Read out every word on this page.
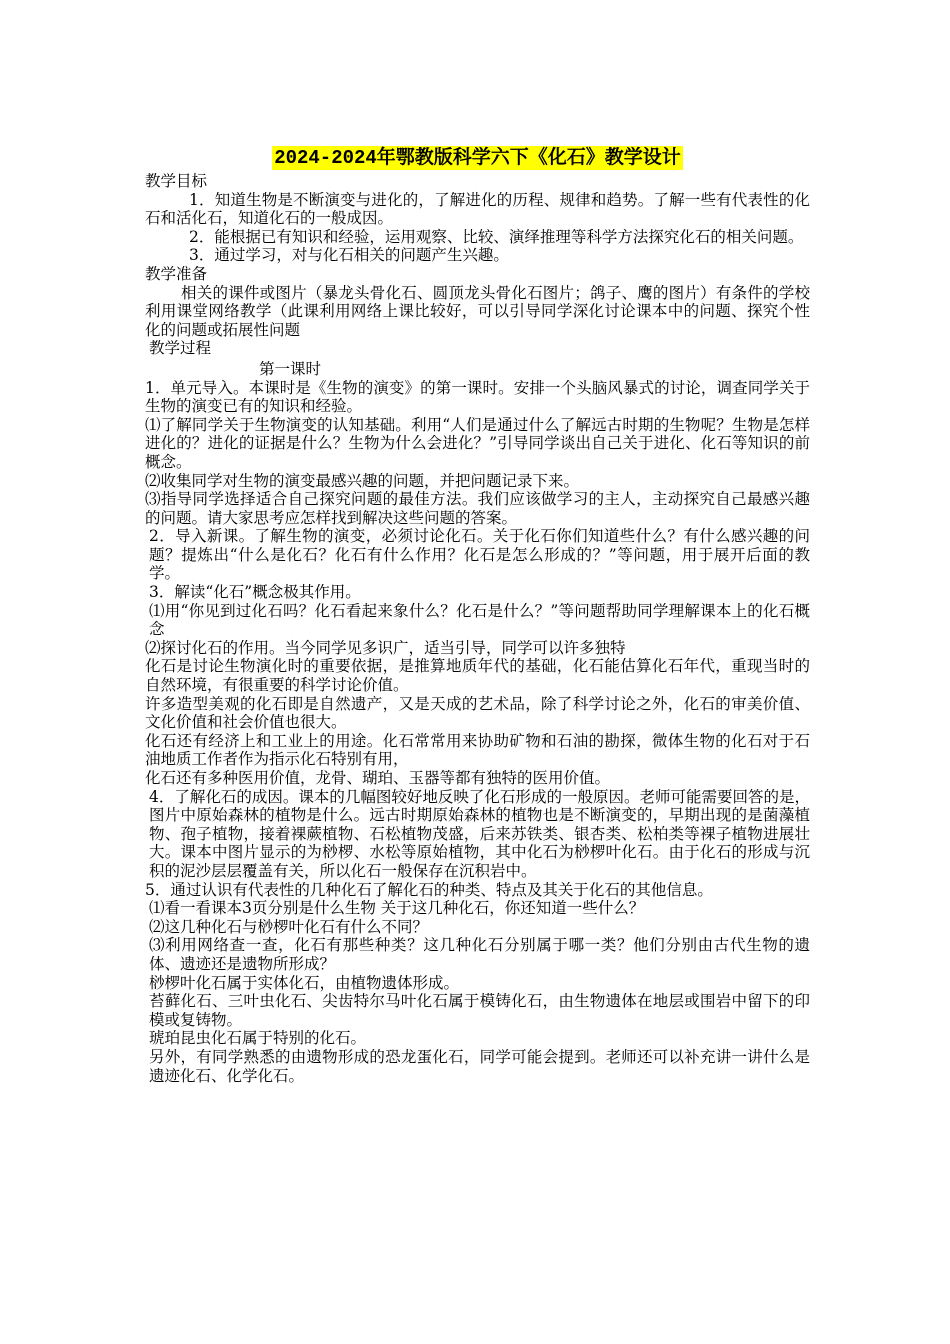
2024-2024年鄂教版科学六下《化石》教学设计

教学目标

1．知道生物是不断演变与进化的，了解进化的历程、规律和趋势。了解一些有代表性的化石和活化石，知道化石的一般成因。

2．能根据已有知识和经验，运用观察、比较、演绎推理等科学方法探究化石的相关问题。

3．通过学习，对与化石相关的问题产生兴趣。

教学准备

相关的课件或图片（暴龙头骨化石、圆顶龙头骨化石图片；鸽子、鹰的图片）有条件的学校利用课堂网络教学（此课利用网络上课比较好，可以引导同学深化讨论课本中的问题、探究个性化的问题或拓展性问题

教学过程

第一课时

1．单元导入。本课时是《生物的演变》的第一课时。安排一个头脑风暴式的讨论，调查同学关于生物的演变已有的知识和经验。

⑴了解同学关于生物演变的认知基础。利用“人们是通过什么了解远古时期的生物呢？生物是怎样进化的？进化的证据是什么？生物为什么会进化？”引导同学谈出自己关于进化、化石等知识的前概念。

⑵收集同学对生物的演变最感兴趣的问题，并把问题记录下来。

⑶指导同学选择适合自己探究问题的最佳方法。我们应该做学习的主人，主动探究自己最感兴趣的问题。请大家思考应怎样找到解决这些问题的答案。

2．导入新课。了解生物的演变，必须讨论化石。关于化石你们知道些什么？有什么感兴趣的问题？提炼出“什么是化石？化石有什么作用？化石是怎么形成的？”等问题，用于展开后面的教学。

3．解读“化石”概念极其作用。

⑴用“你见到过化石吗？化石看起来象什么？化石是什么？”等问题帮助同学理解课本上的化石概念

⑵探讨化石的作用。当今同学见多识广，适当引导，同学可以许多独特

化石是讨论生物演化时的重要依据，是推算地质年代的基础，化石能估算化石年代，重现当时的自然环境，有很重要的科学讨论价值。

许多造型美观的化石即是自然遗产，又是天成的艺术品，除了科学讨论之外，化石的审美价值、文化价值和社会价值也很大。

化石还有经济上和工业上的用途。化石常常用来协助矿物和石油的勘探，微体生物的化石对于石油地质工作者作为指示化石特别有用，

化石还有多种医用价值，龙骨、瑚珀、玉器等都有独特的医用价值。

4．了解化石的成因。课本的几幅图较好地反映了化石形成的一般原因。老师可能需要回答的是，图片中原始森林的植物是什么。远古时期原始森林的植物也是不断演变的，早期出现的是菌藻植物、孢子植物，接着裸蕨植物、石松植物茂盛，后来苏铁类、银杏类、松柏类等裸子植物进展壮大。课本中图片显示的为桫椤、水松等原始植物，其中化石为桫椤叶化石。由于化石的形成与沉积的泥沙层层覆盖有关，所以化石一般保存在沉积岩中。

5．通过认识有代表性的几种化石了解化石的种类、特点及其关于化石的其他信息。

⑴看一看课本3页分别是什么生物 关于这几种化石，你还知道一些什么？

⑵这几种化石与桫椤叶化石有什么不同？

⑶利用网络查一查，化石有那些种类？这几种化石分别属于哪一类？他们分别由古代生物的遗体、遗迹还是遗物所形成？

桫椤叶化石属于实体化石，由植物遗体形成。

苔藓化石、三叶虫化石、尖齿特尔马叶化石属于模铸化石，由生物遗体在地层或围岩中留下的印模或复铸物。

琥珀昆虫化石属于特别的化石。

另外，有同学熟悉的由遗物形成的恐龙蛋化石，同学可能会提到。老师还可以补充讲一讲什么是遗迹化石、化学化石。
